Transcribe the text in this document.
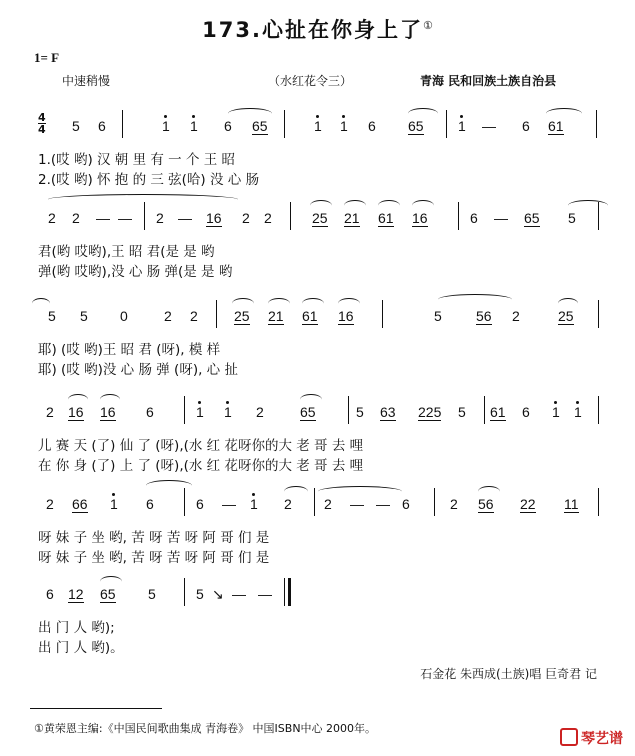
173.心扯在你身上了①
1= F
中速稍慢	（水红花令三）	青海 民和回族土族自治县
4
4 5 6	1 1 6 65	1 1 6 65 1 — 6 61
1.(哎 哟) 汉 朝 里 有 一 个 王 昭
2.(哎 哟) 怀 抱 的 三 弦(哈) 没 心 肠
2 2 — — 2 — 16 2 2	25 21 61 16	6 — 65 5
君(哟 哎哟),王 昭 君(是 是 哟
弹(哟 哎哟),没 心 肠 弹(是 是 哟
5 5 0	2 2	25 21 61 16	5 56 2	25
耶) (哎 哟)王 昭 君 (呀), 模 样
耶) (哎 哟)没 心 肠 弹 (呀), 心 扯
2 16 16 6	1 1 2	65	5 63 225 5 61 6 1 1
儿 赛 天 (了) 仙 了 (呀),(水 红 花呀你的大 老 哥 去 哩
在 你 身 (了) 上 了 (呀),(水 红 花呀你的大 老 哥 去 哩
2 66 1 6	6 — 1 2 2 — — 6	2 56 22 11
呀 妹 子 坐 哟, 苦 呀 苦 呀 阿 哥 们 是
呀 妹 子 坐 哟, 苦 呀 苦 呀 阿 哥 们 是
6 12 65 5	5 ↘ — —
出 门 人 哟);
出 门 人 哟)。
石金花 朱西成(土族)唱 巨奇君 记
①黄荣恩主编:《中国民间歌曲集成 青海卷》 中国ISBN中心 2000年。
琴艺谱
